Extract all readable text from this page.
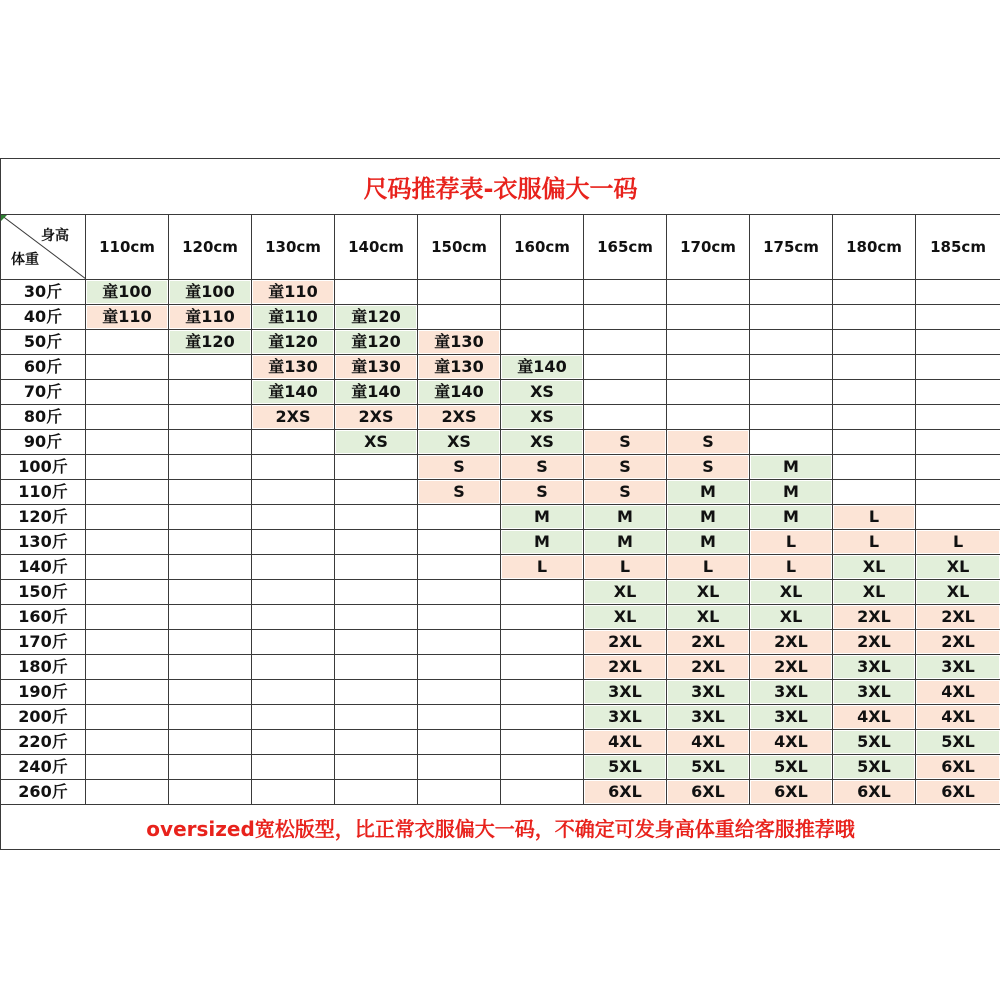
尺码推荐表-衣服偏大一码											

身高
体重	110cm	120cm	130cm	140cm	150cm	160cm	165cm	170cm	175cm	180cm	185cm
30斤	童100	童100	童110								

40斤	童110	童110	童110	童120							

50斤		童120	童120	童120	童130						

60斤			童130	童130	童130	童140					

70斤			童140	童140	童140	XS					

80斤			2XS	2XS	2XS	XS					

90斤				XS	XS	XS	S	S			

100斤					S	S	S	S	M		

110斤					S	S	S	M	M		

120斤						M	M	M	M	L	

130斤						M	M	M	L	L	L

140斤						L	L	L	L	XL	XL

150斤							XL	XL	XL	XL	XL

160斤							XL	XL	XL	2XL	2XL

170斤							2XL	2XL	2XL	2XL	2XL

180斤							2XL	2XL	2XL	3XL	3XL

190斤							3XL	3XL	3XL	3XL	4XL

200斤							3XL	3XL	3XL	4XL	4XL

220斤							4XL	4XL	4XL	5XL	5XL

240斤							5XL	5XL	5XL	5XL	6XL

260斤							6XL	6XL	6XL	6XL	6XL

oversized宽松版型，比正常衣服偏大一码，不确定可发身高体重给客服推荐哦											
